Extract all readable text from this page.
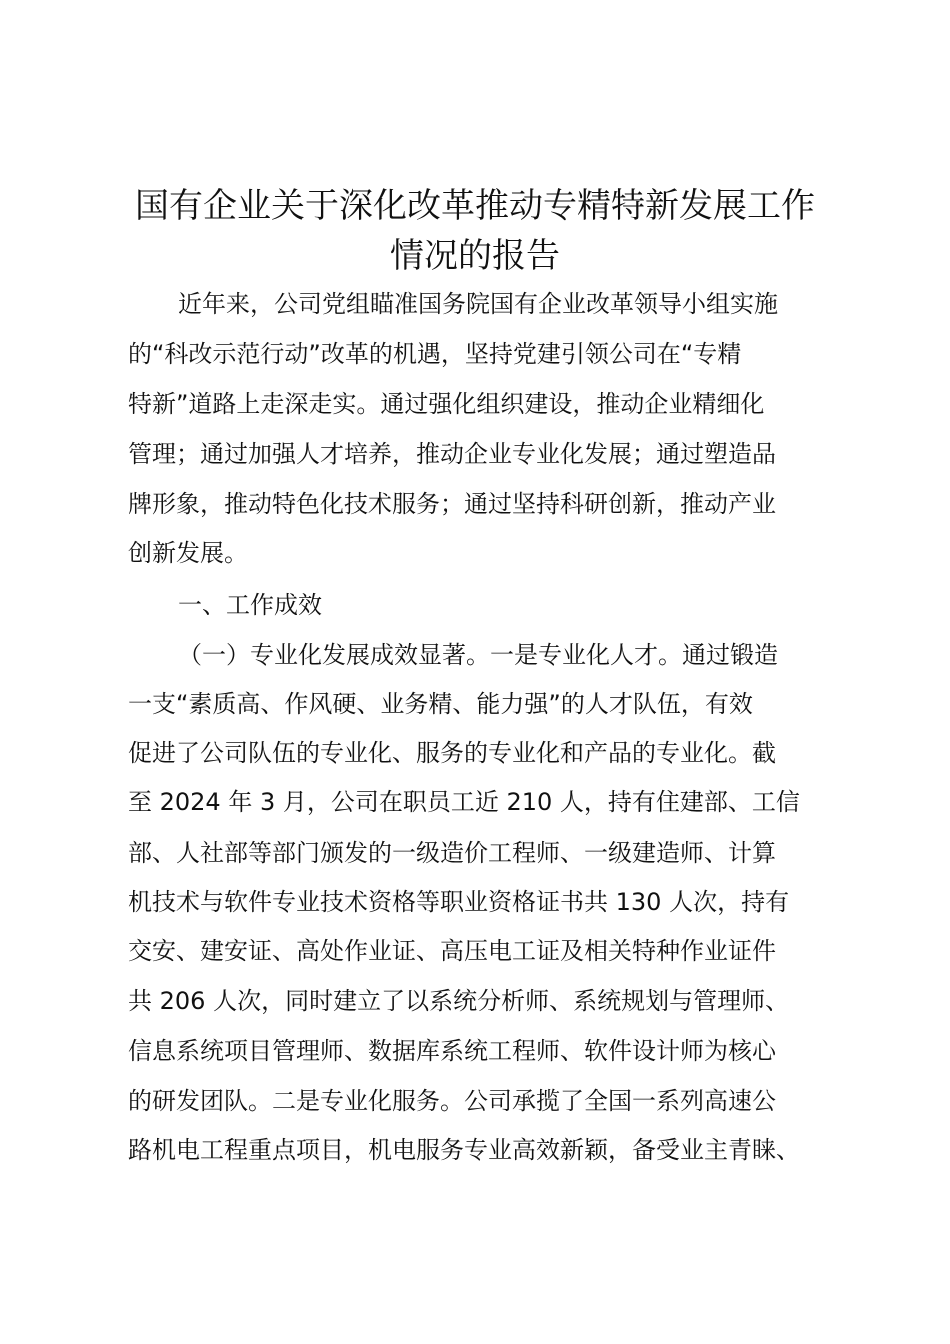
国有企业关于深化改革推动专精特新发展工作
情况的报告

近年来，公司党组瞄准国务院国有企业改革领导小组实施

的“科改示范行动”改革的机遇，坚持党建引领公司在“专精

特新”道路上走深走实。通过强化组织建设，推动企业精细化

管理；通过加强人才培养，推动企业专业化发展；通过塑造品

牌形象，推动特色化技术服务；通过坚持科研创新，推动产业

创新发展。

一、工作成效

（一）专业化发展成效显著。一是专业化人才。通过锻造

一支“素质高、作风硬、业务精、能力强”的人才队伍，有效

促进了公司队伍的专业化、服务的专业化和产品的专业化。截

至 2024 年 3 月，公司在职员工近 210 人，持有住建部、工信

部、人社部等部门颁发的一级造价工程师、一级建造师、计算

机技术与软件专业技术资格等职业资格证书共 130 人次，持有

交安、建安证、高处作业证、高压电工证及相关特种作业证件

共 206 人次，同时建立了以系统分析师、系统规划与管理师、

信息系统项目管理师、数据库系统工程师、软件设计师为核心

的研发团队。二是专业化服务。公司承揽了全国一系列高速公

路机电工程重点项目，机电服务专业高效新颖，备受业主青睐、
